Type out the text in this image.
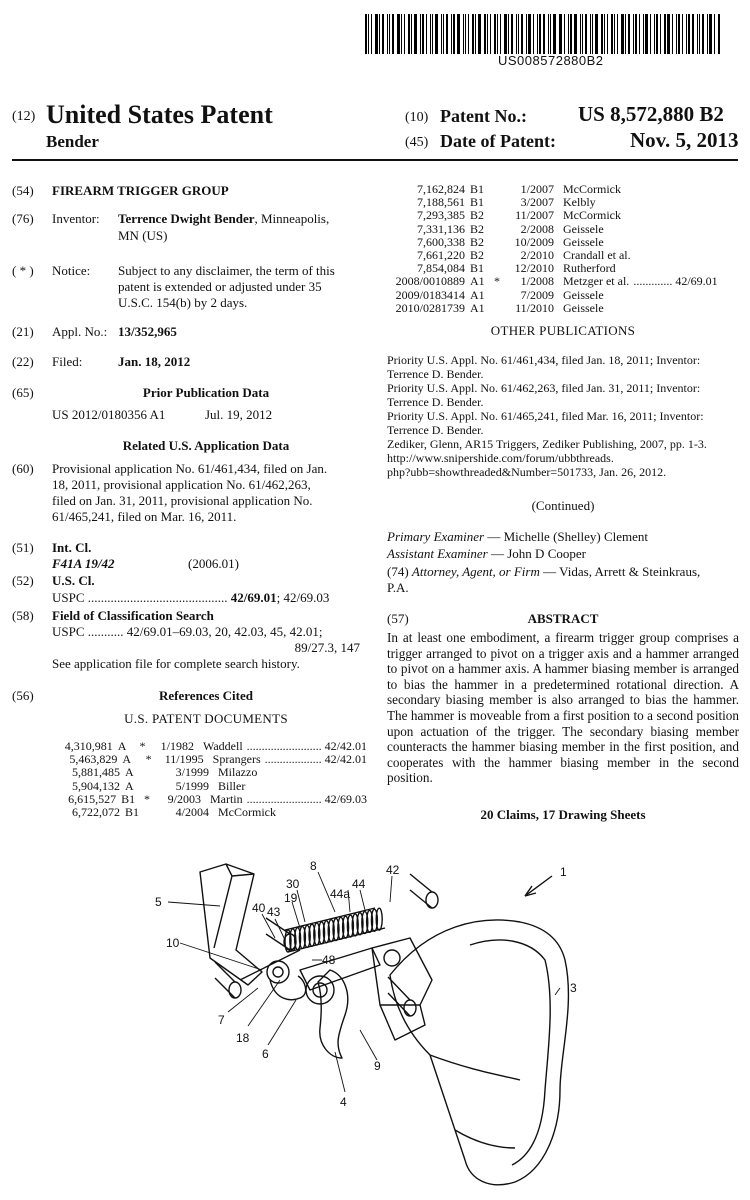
US008572880B2
(12) United States Patent
Bender
(10) Patent No.: US 8,572,880 B2
(45) Date of Patent:	Nov. 5, 2013
(54) FIREARM TRIGGER GROUP
(76) Inventor: Terrence Dwight Bender, Minneapolis,
MN (US)
( * ) Notice: Subject to any disclaimer, the term of this
patent is extended or adjusted under 35
U.S.C. 154(b) by 2 days.
(21) Appl. No.: 13/352,965
(22) Filed:	Jan. 18, 2012
(65)	Prior Publication Data
US 2012/0180356 A1	Jul. 19, 2012
Related U.S. Application Data
(60) Provisional application No. 61/461,434, filed on Jan.
18, 2011, provisional application No. 61/462,263,
filed on Jan. 31, 2011, provisional application No.
61/465,241, filed on Mar. 16, 2011.
(51) Int. Cl.
F41A 19/42	(2006.01)
(52) U.S. Cl.
USPC ........................................... 42/69.01; 42/69.03
(58) Field of Classification Search
USPC ........... 42/69.01–69.03, 20, 42.03, 45, 42.01;
89/27.3, 147
See application file for complete search history.
(56)	References Cited
U.S. PATENT DOCUMENTS
4,310,981 A	*	1/1982 Waddell ......................... 42/42.01
5,463,829 A	*	11/1995 Sprangers ................... 42/42.01
5,881,485 A	3/1999 Milazzo
5,904,132 A	5/1999 Biller
6,615,527 B1 *	9/2003 Martin ......................... 42/69.03
6,722,072 B1	4/2004 McCormick
7,162,824 B1	1/2007 McCormick
7,188,561 B1	3/2007 Kelbly
7,293,385 B2	11/2007 McCormick
7,331,136 B2	2/2008 Geissele
7,600,338 B2	10/2009 Geissele
7,661,220 B2	2/2010 Crandall et al.
7,854,084 B1	12/2010 Rutherford
2008/0010889 A1 *	1/2008 Metzger et al. ............. 42/69.01
2009/0183414 A1	7/2009 Geissele
2010/0281739 A1	11/2010 Geissele
OTHER PUBLICATIONS
Priority U.S. Appl. No. 61/461,434, filed Jan. 18, 2011; Inventor:
Terrence D. Bender.
Priority U.S. Appl. No. 61/462,263, filed Jan. 31, 2011; Inventor:
Terrence D. Bender.
Priority U.S. Appl. No. 61/465,241, filed Mar. 16, 2011; Inventor:
Terrence D. Bender.
Zediker, Glenn, AR15 Triggers, Zediker Publishing, 2007, pp. 1-3.
http://www.snipershide.com/forum/ubbthreads.
php?ubb=showthreaded&Number=501733, Jan. 26, 2012.
(Continued)
Primary Examiner — Michelle (Shelley) Clement
Assistant Examiner — John D Cooper
(74) Attorney, Agent, or Firm — Vidas, Arrett & Steinkraus,
P.A.
(57)	ABSTRACT
In at least one embodiment, a firearm trigger group comprises a trigger arranged to pivot on a trigger axis and a hammer arranged to pivot on a hammer axis. A hammer biasing member is arranged to bias the hammer in a predetermined rotational direction. A secondary biasing member is also arranged to bias the hammer. The hammer is moveable from a first position to a second position upon actuation of the trigger. The secondary biasing member counteracts the hammer biasing member in the first position, and cooperates with the hammer biasing member in the second position.
20 Claims, 17 Drawing Sheets
1
3
4
5
6
7
8
9
10
18
19
30
40
42
43
44
44a
48
